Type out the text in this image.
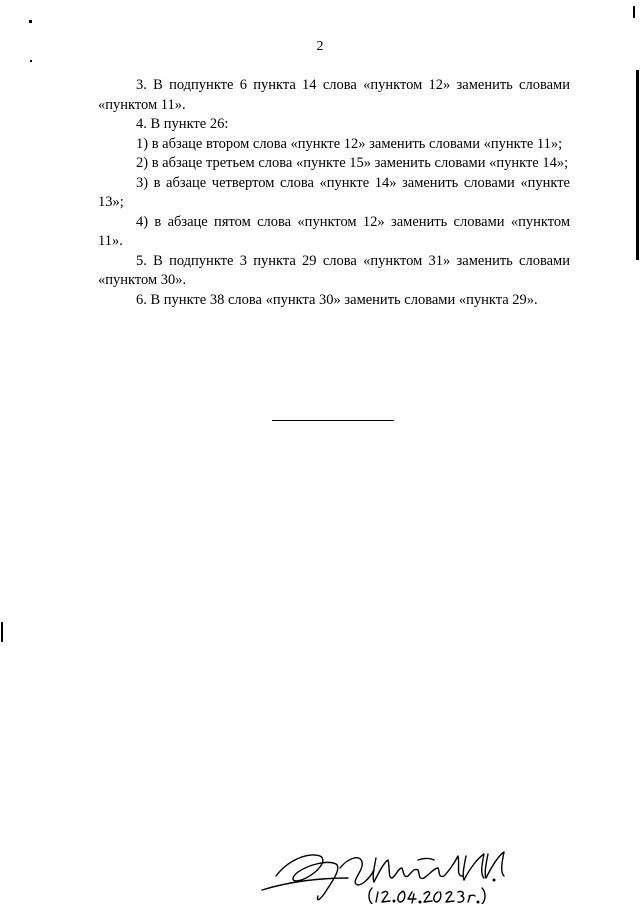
2

3. В подпункте 6 пункта 14 слова «пунктом 12» заменить словами «пунктом 11».

4. В пункте 26:

1) в абзаце втором слова «пункте 12» заменить словами «пункте 11»;

2) в абзаце третьем слова «пункте 15» заменить словами «пункте 14»;

3) в абзаце четвертом слова «пункте 14» заменить словами «пункте 13»;

4) в абзаце пятом слова «пунктом 12» заменить словами «пунктом 11».

5. В подпункте 3 пункта 29 слова «пунктом 31» заменить словами «пунктом 30».

6. В пункте 38 слова «пункта 30» заменить словами «пункта 29».
